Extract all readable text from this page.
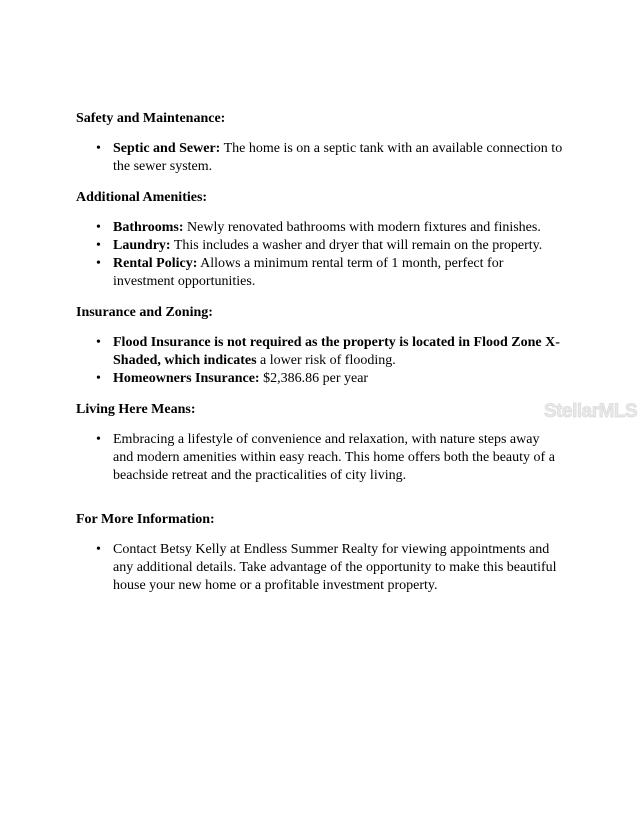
StellarMLS
Safety and Maintenance:
• Septic and Sewer: The home is on a septic tank with an available connection to the sewer system.
Additional Amenities:
• Bathrooms: Newly renovated bathrooms with modern fixtures and finishes.
• Laundry: This includes a washer and dryer that will remain on the property.
• Rental Policy: Allows a minimum rental term of 1 month, perfect for investment opportunities.
Insurance and Zoning:
• Flood Insurance is not required as the property is located in Flood Zone X-Shaded, which indicates a lower risk of flooding.
• Homeowners Insurance: $2,386.86 per year
Living Here Means:
• Embracing a lifestyle of convenience and relaxation, with nature steps away and modern amenities within easy reach. This home offers both the beauty of a beachside retreat and the practicalities of city living.
For More Information:
• Contact Betsy Kelly at Endless Summer Realty for viewing appointments and any additional details. Take advantage of the opportunity to make this beautiful house your new home or a profitable investment property.
